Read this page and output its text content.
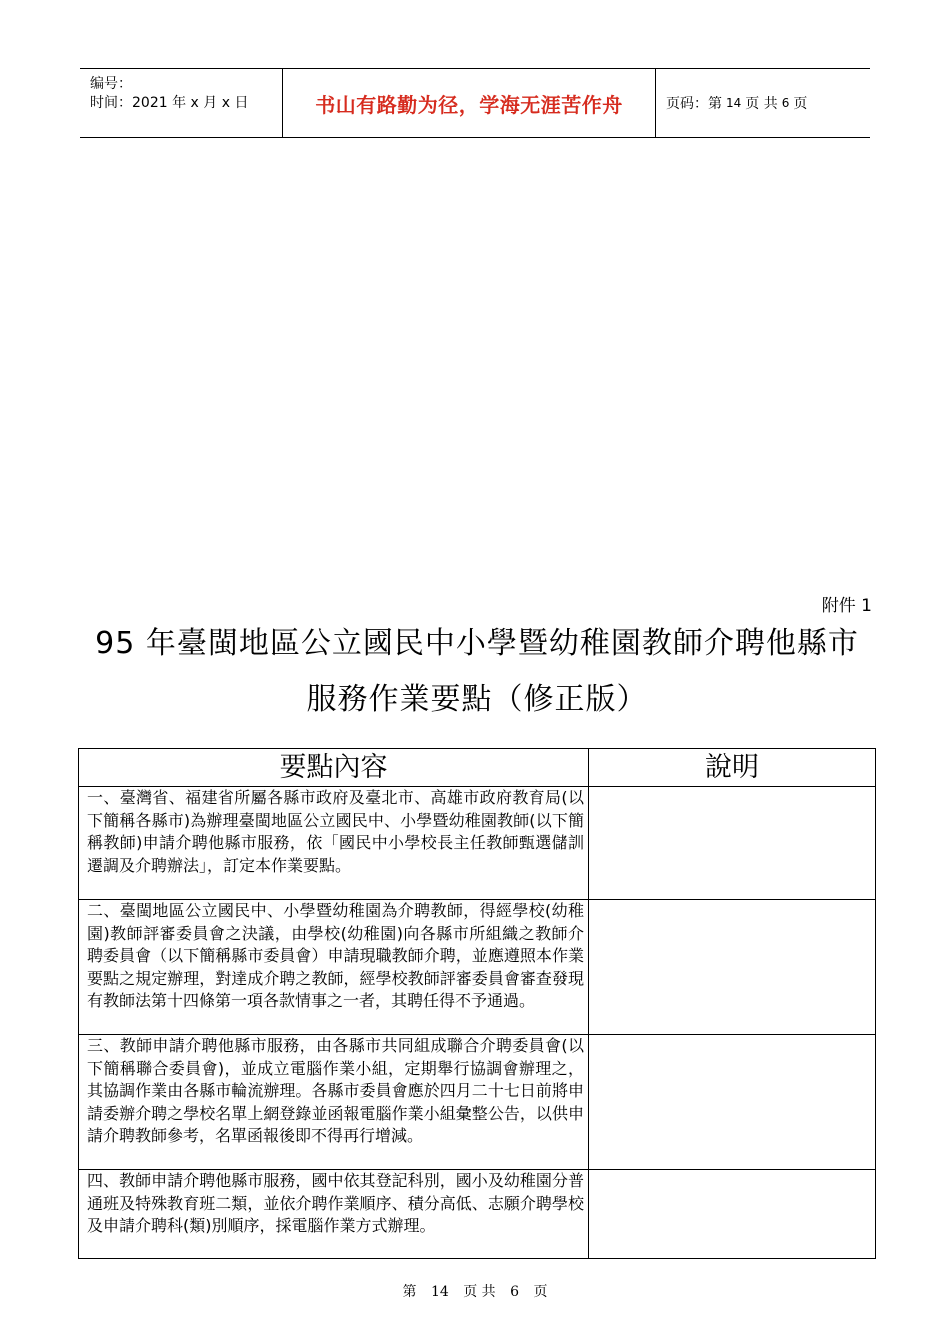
编号：
时间：2021 年 x 月 x 日	书山有路勤为径，学海无涯苦作舟	页码：第 14 页 共 6 页
附件 1
95 年臺閩地區公立國民中小學暨幼稚園教師介聘他縣市
服務作業要點（修正版）
要點內容	說明
一、臺灣省、福建省所屬各縣市政府及臺北市、高雄市政府教育局(以下簡稱各縣市)為辦理臺閩地區公立國民中、小學暨幼稚園教師(以下簡稱教師)申請介聘他縣市服務，依「國民中小學校長主任教師甄選儲訓遷調及介聘辦法」，訂定本作業要點。	
二、臺閩地區公立國民中、小學暨幼稚園為介聘教師，得經學校(幼稚園)教師評審委員會之決議，由學校(幼稚園)向各縣市所組織之教師介聘委員會（以下簡稱縣市委員會）申請現職教師介聘，並應遵照本作業要點之規定辦理，對達成介聘之教師，經學校教師評審委員會審查發現有教師法第十四條第一項各款情事之一者，其聘任得不予通過。	
三、教師申請介聘他縣市服務，由各縣市共同組成聯合介聘委員會(以下簡稱聯合委員會)，並成立電腦作業小組，定期舉行協調會辦理之，其協調作業由各縣市輪流辦理。各縣市委員會應於四月二十七日前將申請委辦介聘之學校名單上網登錄並函報電腦作業小組彙整公告，以供申請介聘教師參考，名單函報後即不得再行增減。	
四、教師申請介聘他縣市服務，國中依其登記科別，國小及幼稚園分普通班及特殊教育班二類，並依介聘作業順序、積分高低、志願介聘學校及申請介聘科(類)別順序，採電腦作業方式辦理。	
第 14 页 共 6 页
